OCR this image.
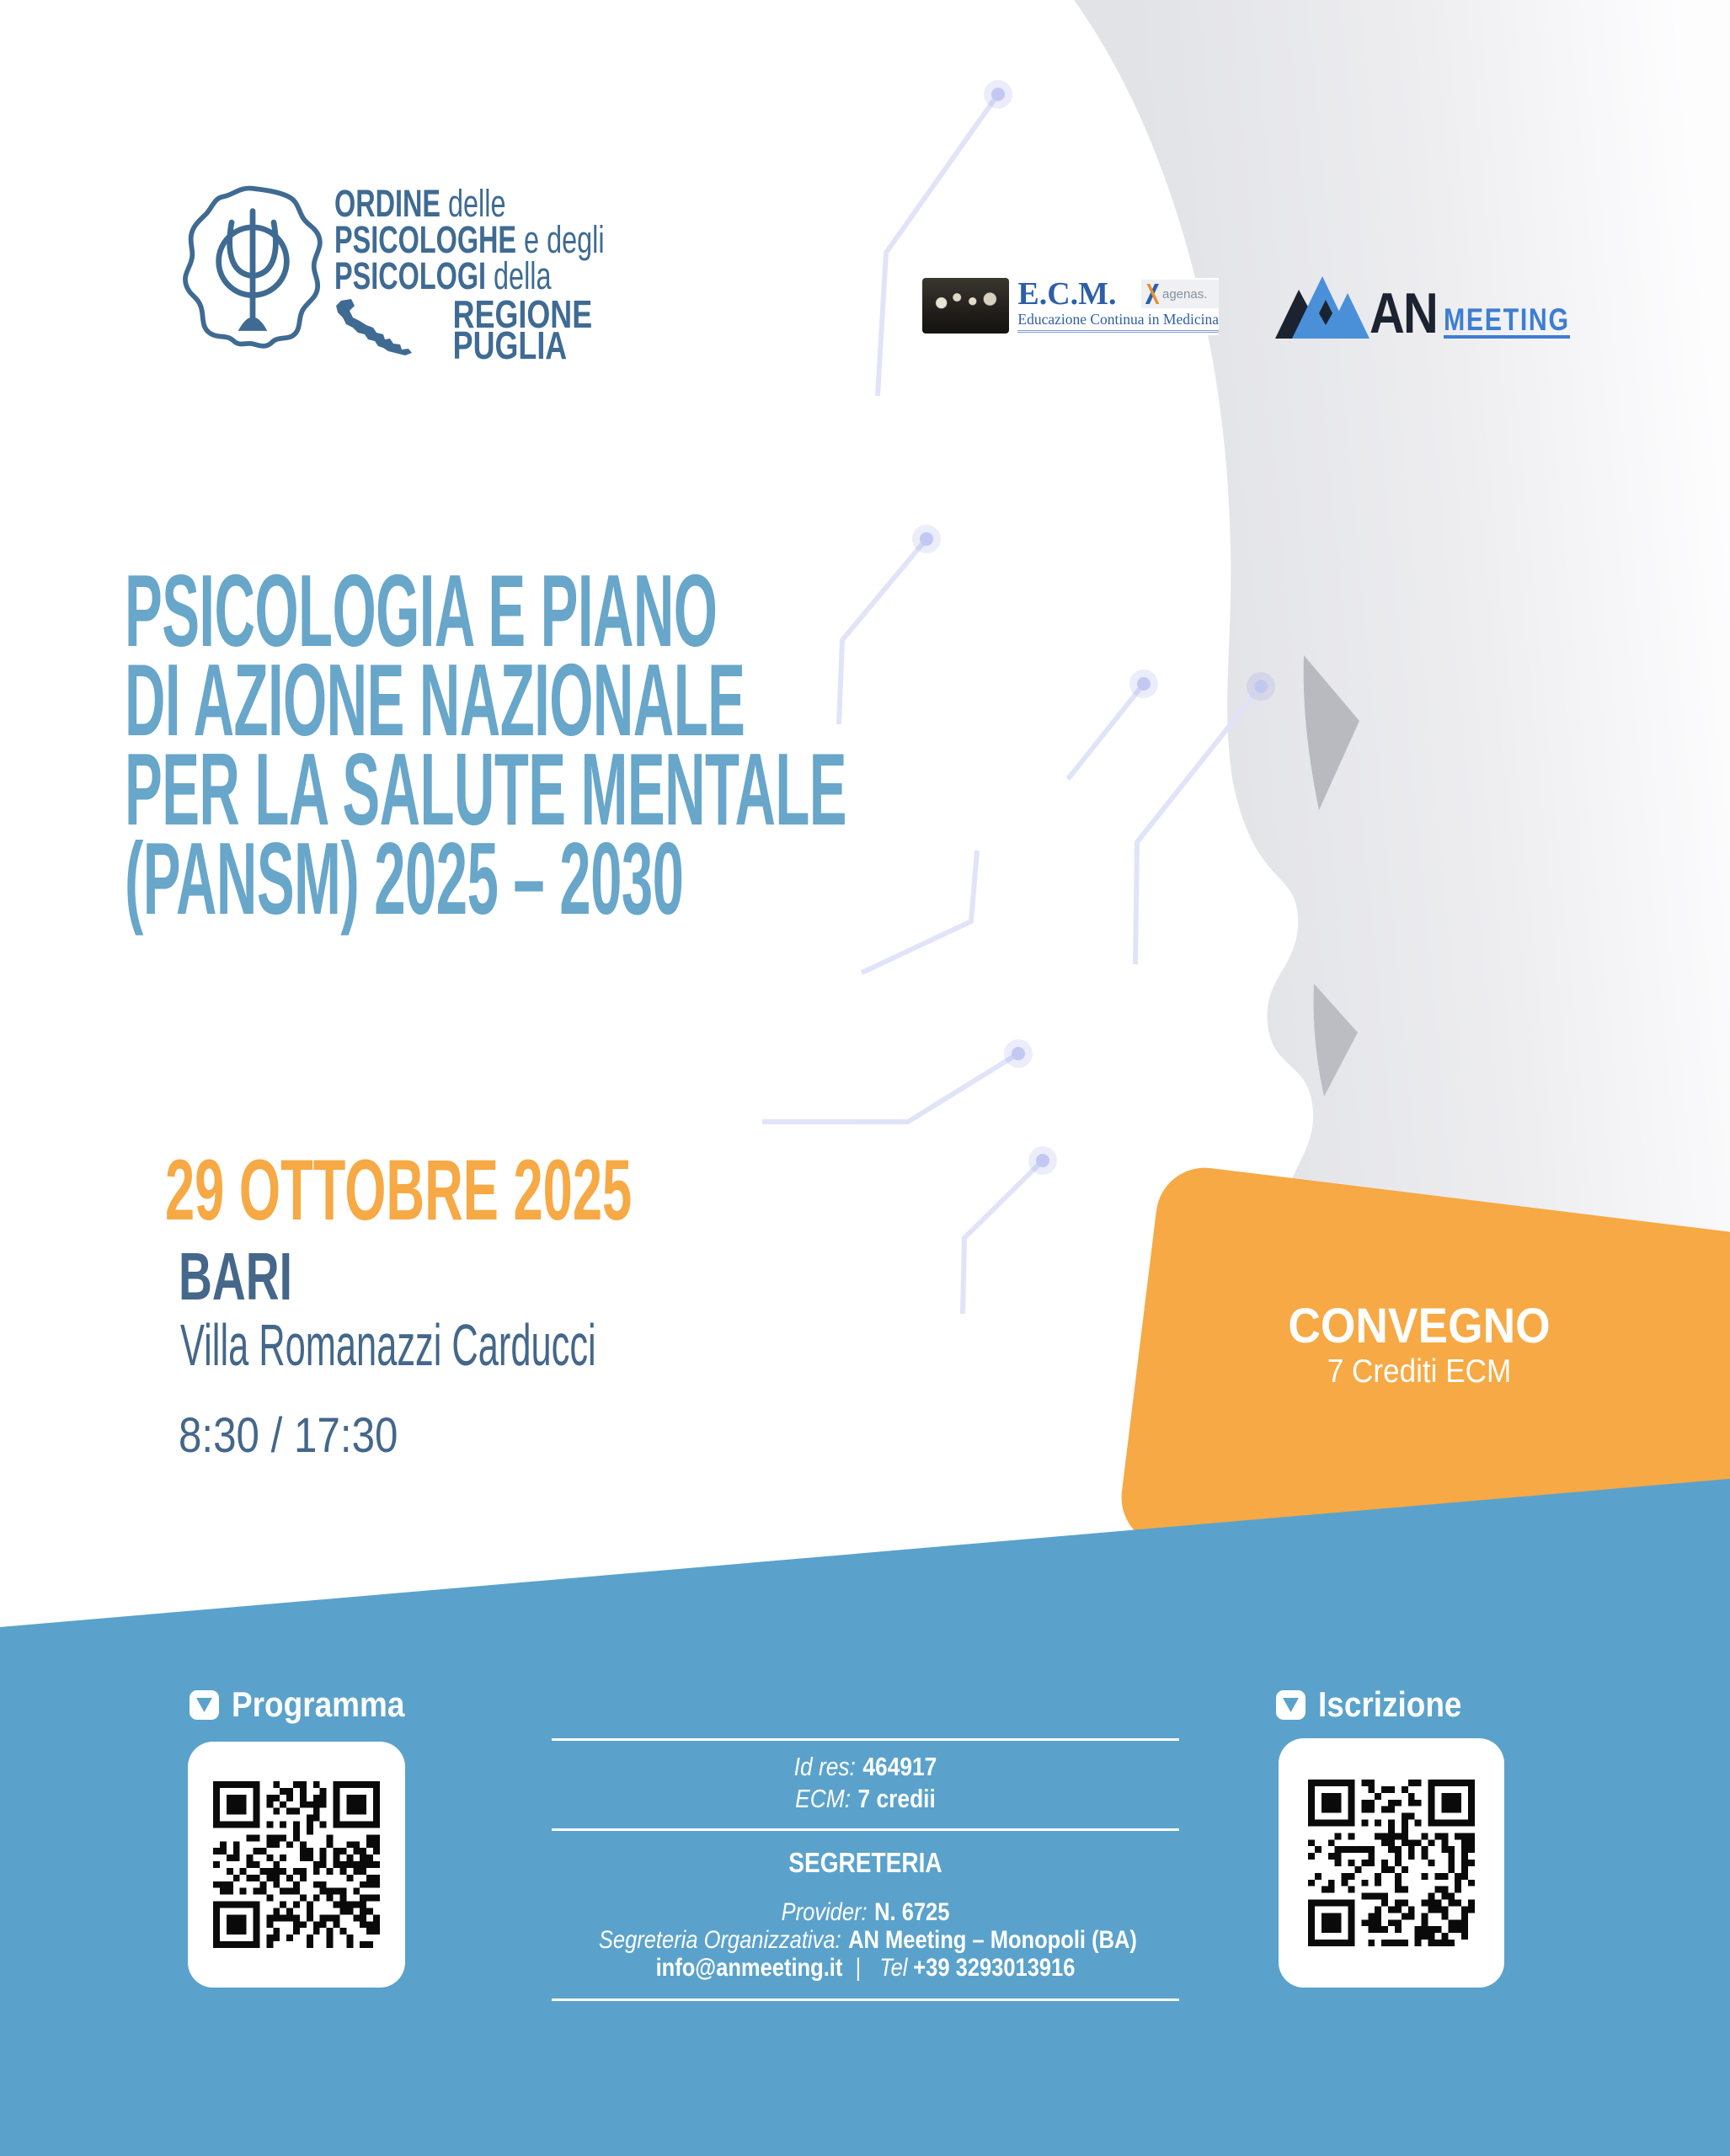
ORDINE delle
PSICOLOGHE e degli
PSICOLOGI della
REGIONE
PUGLIA
E.C.M.
Educazione Continua in Medicina
agenas.	AN MEETING
PSICOLOGIA E PIANO
DI AZIONE NAZIONALE
PER LA SALUTE MENTALE
(PANSM) 2025 – 2030
29 OTTOBRE 2025
BARI
Villa Romanazzi Carducci
8:30 / 17:30
CONVEGNO
7 Crediti ECM
Programma	Iscrizione
Id res: 464917
ECM: 7 credii
SEGRETERIA
Provider: N. 6725
Segreteria Organizzativa: AN Meeting – Monopoli (BA)
info@anmeeting.it | Tel +39 3293013916
